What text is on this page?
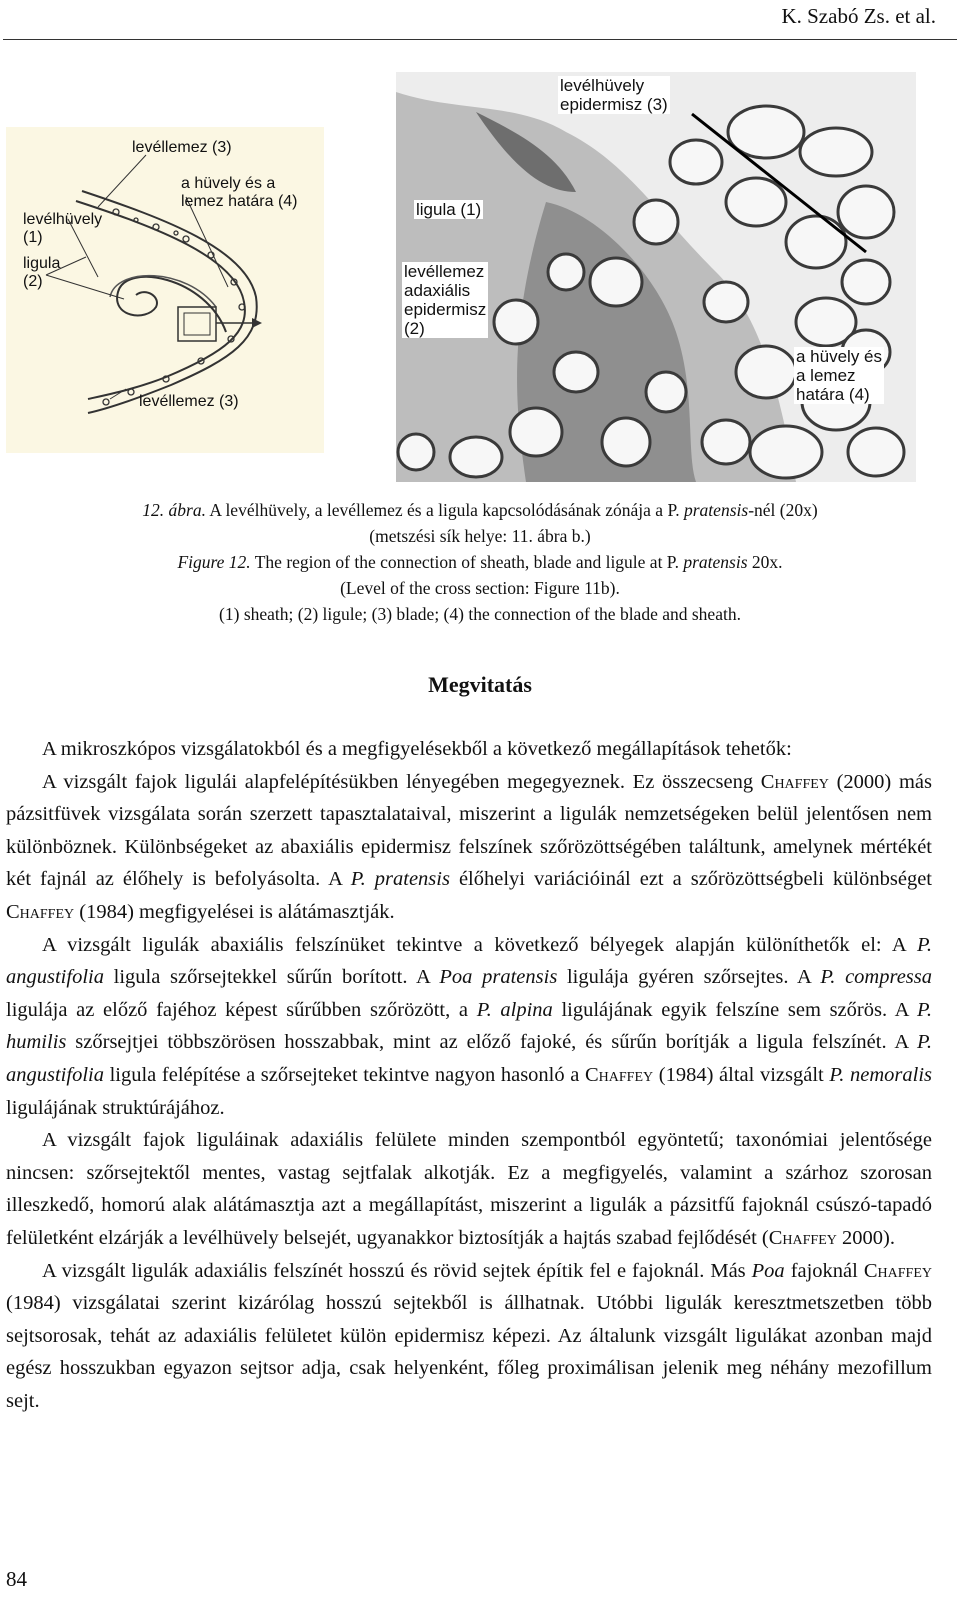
K. Szabó Zs. et al.
levéllemez (3)
a hüvely és a
lemez határa (4)
levélhüvely
(1)
ligula
(2)
levéllemez (3)
levélhüvely
epidermisz (3)
ligula (1)
levéllemez
adaxiális
epidermisz
(2)
a hüvely és
a lemez
határa (4)
12. ábra. A levélhüvely, a levéllemez és a ligula kapcsolódásának zónája a P. pratensis-nél (20x)
(metszési sík helye: 11. ábra b.)
Figure 12. The region of the connection of sheath, blade and ligule at P. pratensis 20x.
(Level of the cross section: Figure 11b).
(1) sheath; (2) ligule; (3) blade; (4) the connection of the blade and sheath.
Megvitatás

A mikroszkópos vizsgálatokból és a megfigyelésekből a következő megállapítások tehetők:

A vizsgált fajok ligulái alapfelépítésükben lényegében megegyeznek. Ez összecseng Chaffey (2000) más pázsitfüvek vizsgálata során szerzett tapasztalataival, miszerint a ligulák nemzetségeken belül jelentősen nem különböznek. Különbségeket az abaxiális epidermisz felszínek szőrözöttségében találtunk, amelynek mértékét két fajnál az élőhely is befolyásolta. A P. pratensis élőhelyi variációinál ezt a szőrözöttségbeli különbséget Chaffey (1984) megfigyelései is alátámasztják.

A vizsgált ligulák abaxiális felszínüket tekintve a következő bélyegek alapján különíthetők el: A P. angustifolia ligula szőrsejtekkel sűrűn borított. A Poa pratensis ligulája gyéren szőrsejtes. A P. compressa ligulája az előző fajéhoz képest sűrűbben szőrözött, a P. alpina ligulájának egyik felszíne sem szőrös. A P. humilis szőrsejtjei többszörösen hosszabbak, mint az előző fajoké, és sűrűn borítják a ligula felszínét. A P. angustifolia ligula felépítése a szőrsejteket tekintve nagyon hasonló a Chaffey (1984) által vizsgált P. nemoralis ligulájának struktúrájához.

A vizsgált fajok liguláinak adaxiális felülete minden szempontból egyöntetű; taxonómiai jelentősége nincsen: szőrsejtektől mentes, vastag sejtfalak alkotják. Ez a megfigyelés, valamint a szárhoz szorosan illeszkedő, homorú alak alátámasztja azt a megállapítást, miszerint a ligulák a pázsitfű fajoknál csúszó-tapadó felületként elzárják a levélhüvely belsejét, ugyanakkor biztosítják a hajtás szabad fejlődését (Chaffey 2000).

A vizsgált ligulák adaxiális felszínét hosszú és rövid sejtek építik fel e fajoknál. Más Poa fajoknál Chaffey (1984) vizsgálatai szerint kizárólag hosszú sejtekből is állhatnak. Utóbbi ligulák keresztmetszetben több sejtsorosak, tehát az adaxiális felületet külön epidermisz képezi. Az általunk vizsgált ligulákat azonban majd egész hosszukban egyazon sejtsor adja, csak helyenként, főleg proximálisan jelenik meg néhány mezofillum sejt.

84
